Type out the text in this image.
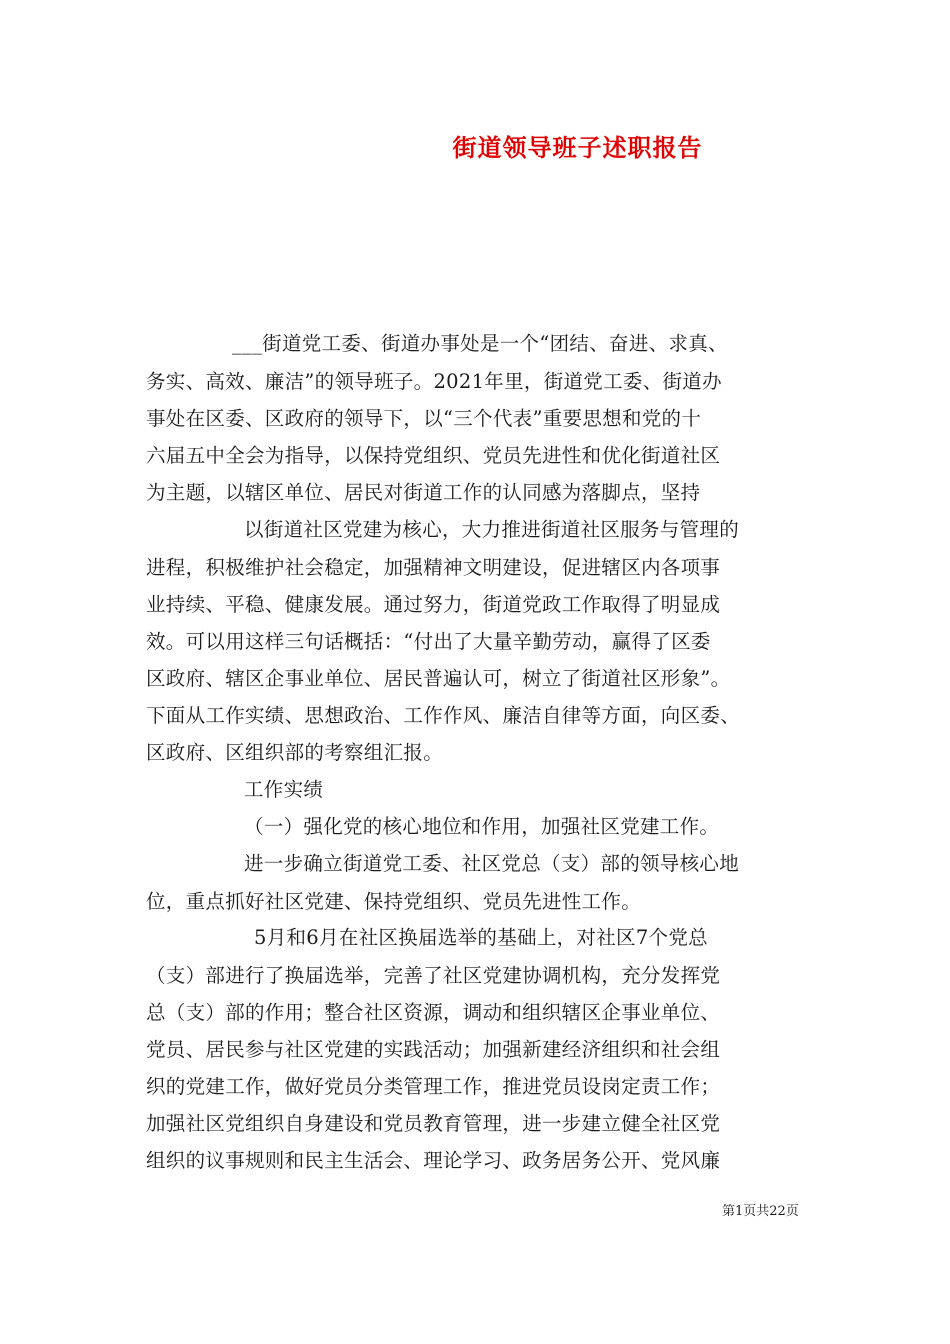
街道领导班子述职报告
___街道党工委、街道办事处是一个“团结、奋进、求真、
务实、高效、廉洁”的领导班子。2021年里，街道党工委、街道办
事处在区委、区政府的领导下，以“三个代表”重要思想和党的十
六届五中全会为指导，以保持党组织、党员先进性和优化街道社区
为主题，以辖区单位、居民对街道工作的认同感为落脚点，坚持
以街道社区党建为核心，大力推进街道社区服务与管理的
进程，积极维护社会稳定，加强精神文明建设，促进辖区内各项事
业持续、平稳、健康发展。通过努力，街道党政工作取得了明显成
效。可以用这样三句话概括：“付出了大量辛勤劳动，赢得了区委
区政府、辖区企事业单位、居民普遍认可，树立了街道社区形象”。
下面从工作实绩、思想政治、工作作风、廉洁自律等方面，向区委、
区政府、区组织部的考察组汇报。
工作实绩
（一）强化党的核心地位和作用，加强社区党建工作。
进一步确立街道党工委、社区党总（支）部的领导核心地
位，重点抓好社区党建、保持党组织、党员先进性工作。
5月和6月在社区换届选举的基础上，对社区7个党总
（支）部进行了换届选举，完善了社区党建协调机构，充分发挥党
总（支）部的作用；整合社区资源，调动和组织辖区企事业单位、
党员、居民参与社区党建的实践活动；加强新建经济组织和社会组
织的党建工作，做好党员分类管理工作，推进党员设岗定责工作；
加强社区党组织自身建设和党员教育管理，进一步建立健全社区党
组织的议事规则和民主生活会、理论学习、政务居务公开、党风廉
第1页共22页
